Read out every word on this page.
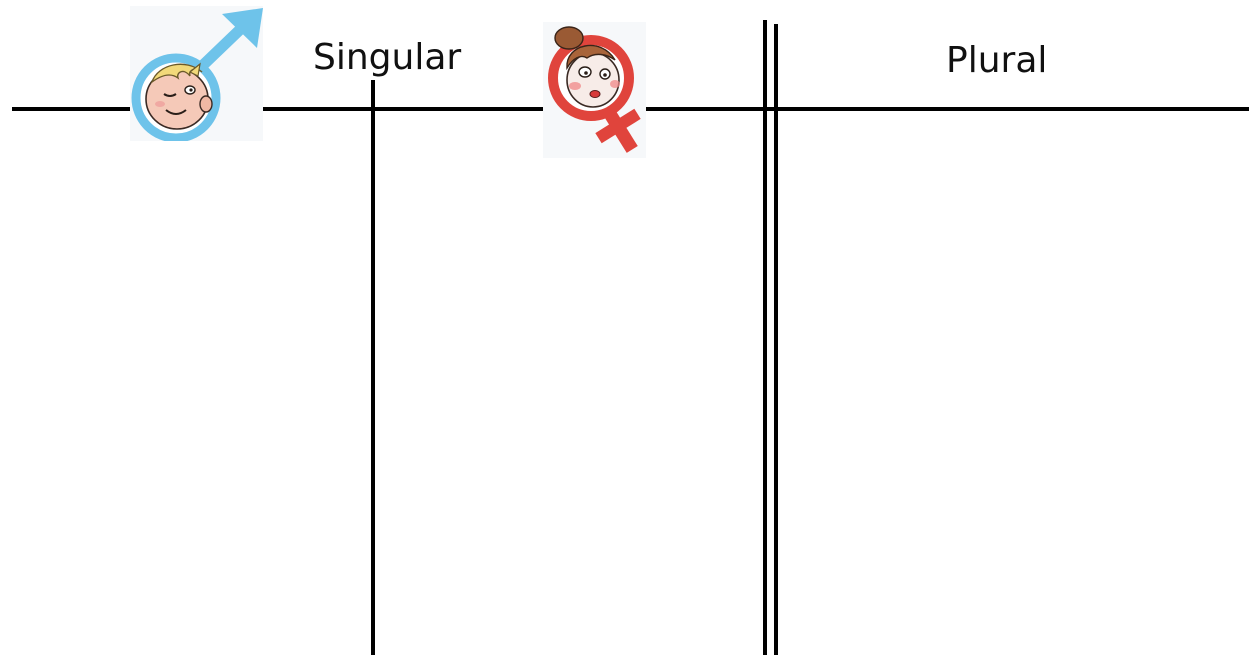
Singular	Plural
